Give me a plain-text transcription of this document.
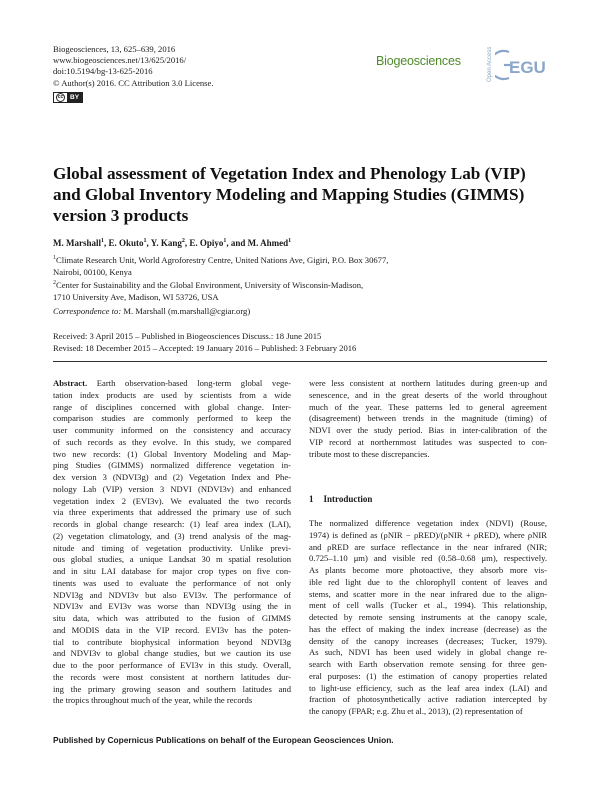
Biogeosciences, 13, 625–639, 2016
www.biogeosciences.net/13/625/2016/
doi:10.5194/bg-13-625-2016
© Author(s) 2016. CC Attribution 3.0 License.
cc	BY
Biogeosciences	Open Access EGU
Global assessment of Vegetation Index and Phenology Lab (VIP) and Global Inventory Modeling and Mapping Studies (GIMMS) version 3 products
M. Marshall$^1$, E. Okuto$^1$, Y. Kang$^2$, E. Opiyo$^1$, and M. Ahmed$^1$
$^1$Climate Research Unit, World Agroforestry Centre, United Nations Ave, Gigiri, P.O. Box 30677,
Nairobi, 00100, Kenya
$^2$Center for Sustainability and the Global Environment, University of Wisconsin-Madison,
1710 University Ave, Madison, WI 53726, USA
Correspondence to: M. Marshall (m.marshall@cgiar.org)
Received: 3 April 2015 – Published in Biogeosciences Discuss.: 18 June 2015
Revised: 18 December 2015 – Accepted: 19 January 2016 – Published: 3 February 2016

Abstract. Earth observation-based long-term global vege-
tation index products are used by scientists from a wide
range of disciplines concerned with global change. Inter-
comparison studies are commonly performed to keep the
user community informed on the consistency and accuracy
of such records as they evolve. In this study, we compared
two new records: (1) Global Inventory Modeling and Map-
ping Studies (GIMMS) normalized difference vegetation in-
dex version 3 (NDVI3g) and (2) Vegetation Index and Phe-
nology Lab (VIP) version 3 NDVI (NDVI3v) and enhanced
vegetation index 2 (EVI3v). We evaluated the two records
via three experiments that addressed the primary use of such
records in global change research: (1) leaf area index (LAI),
(2) vegetation climatology, and (3) trend analysis of the mag-
nitude and timing of vegetation productivity. Unlike previ-
ous global studies, a unique Landsat 30 m spatial resolution
and in situ LAI database for major crop types on five con-
tinents was used to evaluate the performance of not only
NDVI3g and NDVI3v but also EVI3v. The performance of
NDVI3v and EVI3v was worse than NDVI3g using the in
situ data, which was attributed to the fusion of GIMMS
and MODIS data in the VIP record. EVI3v has the poten-
tial to contribute biophysical information beyond NDVI3g
and NDVI3v to global change studies, but we caution its use
due to the poor performance of EVI3v in this study. Overall,
the records were most consistent at northern latitudes dur-
ing the primary growing season and southern latitudes and
the tropics throughout much of the year, while the records

were less consistent at northern latitudes during green-up and
senescence, and in the great deserts of the world throughout
much of the year. These patterns led to general agreement
(disagreement) between trends in the magnitude (timing) of
NDVI over the study period. Bias in inter-calibration of the
VIP record at northernmost latitudes was suspected to con-
tribute most to these discrepancies.

1 Introduction

The normalized difference vegetation index (NDVI) (Rouse,
1974) is defined as (ρNIR − ρRED)/(ρNIR + ρRED), where ρNIR
and ρRED are surface reflectance in the near infrared (NIR;
0.725–1.10 μm) and visible red (0.58–0.68 μm), respectively.
As plants become more photoactive, they absorb more vis-
ible red light due to the chlorophyll content of leaves and
stems, and scatter more in the near infrared due to the align-
ment of cell walls (Tucker et al., 1994). This relationship,
detected by remote sensing instruments at the canopy scale,
has the effect of making the index increase (decrease) as the
density of the canopy increases (decreases; Tucker, 1979).
As such, NDVI has been used widely in global change re-
search with Earth observation remote sensing for three gen-
eral purposes: (1) the estimation of canopy properties related
to light-use efficiency, such as the leaf area index (LAI) and
fraction of photosynthetically active radiation intercepted by
the canopy (FPAR; e.g. Zhu et al., 2013), (2) representation of

Published by Copernicus Publications on behalf of the European Geosciences Union.
